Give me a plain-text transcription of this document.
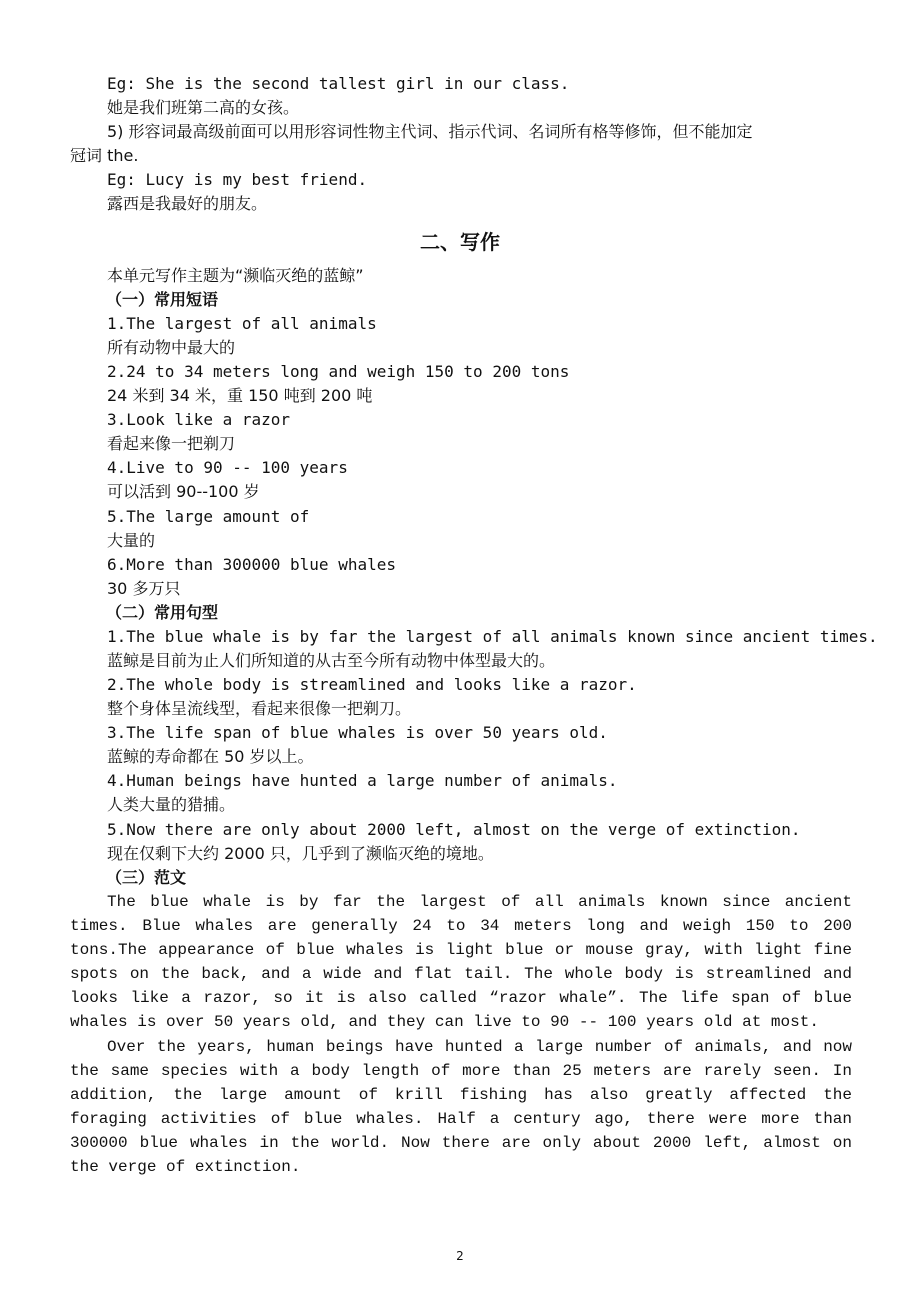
Eg: She is the second tallest girl in our class.
她是我们班第二高的女孩。
5) 形容词最高级前面可以用形容词性物主代词、指示代词、名词所有格等修饰，但不能加定
冠词 the.
Eg: Lucy is my best friend.
露西是我最好的朋友。
二、写作
本单元写作主题为“濒临灭绝的蓝鲸”
（一）常用短语
1.The largest of all animals
所有动物中最大的
2.24 to 34 meters long and weigh 150 to 200 tons
24 米到 34 米，重 150 吨到 200 吨
3.Look like a razor
看起来像一把剃刀
4.Live to 90 -- 100 years
可以活到 90--100 岁
5.The large amount of
大量的
6.More than 300000 blue whales
30 多万只
（二）常用句型
1.The blue whale is by far the largest of all animals known since ancient times.
蓝鲸是目前为止人们所知道的从古至今所有动物中体型最大的。
2.The whole body is streamlined and looks like a razor.
整个身体呈流线型，看起来很像一把剃刀。
3.The life span of blue whales is over 50 years old.
蓝鲸的寿命都在 50 岁以上。
4.Human beings have hunted a large number of animals.
人类大量的猎捕。
5.Now there are only about 2000 left, almost on the verge of extinction.
现在仅剩下大约 2000 只，几乎到了濒临灭绝的境地。
（三）范文
The blue whale is by far the largest of all animals known since ancient times. Blue whales are generally 24 to 34 meters long and weigh 150 to 200 tons.The appearance of blue whales is light blue or mouse gray, with light fine spots on the back, and a wide and flat tail. The whole body is streamlined and looks like a razor, so it is also called “razor whale”. The life span of blue whales is over 50 years old, and they can live to 90 -- 100 years old at most.
Over the years, human beings have hunted a large number of animals, and now the same species with a body length of more than 25 meters are rarely seen. In addition, the large amount of krill fishing has also greatly affected the foraging activities of blue whales. Half a century ago, there were more than 300000 blue whales in the world. Now there are only about 2000 left, almost on the verge of extinction.
2
